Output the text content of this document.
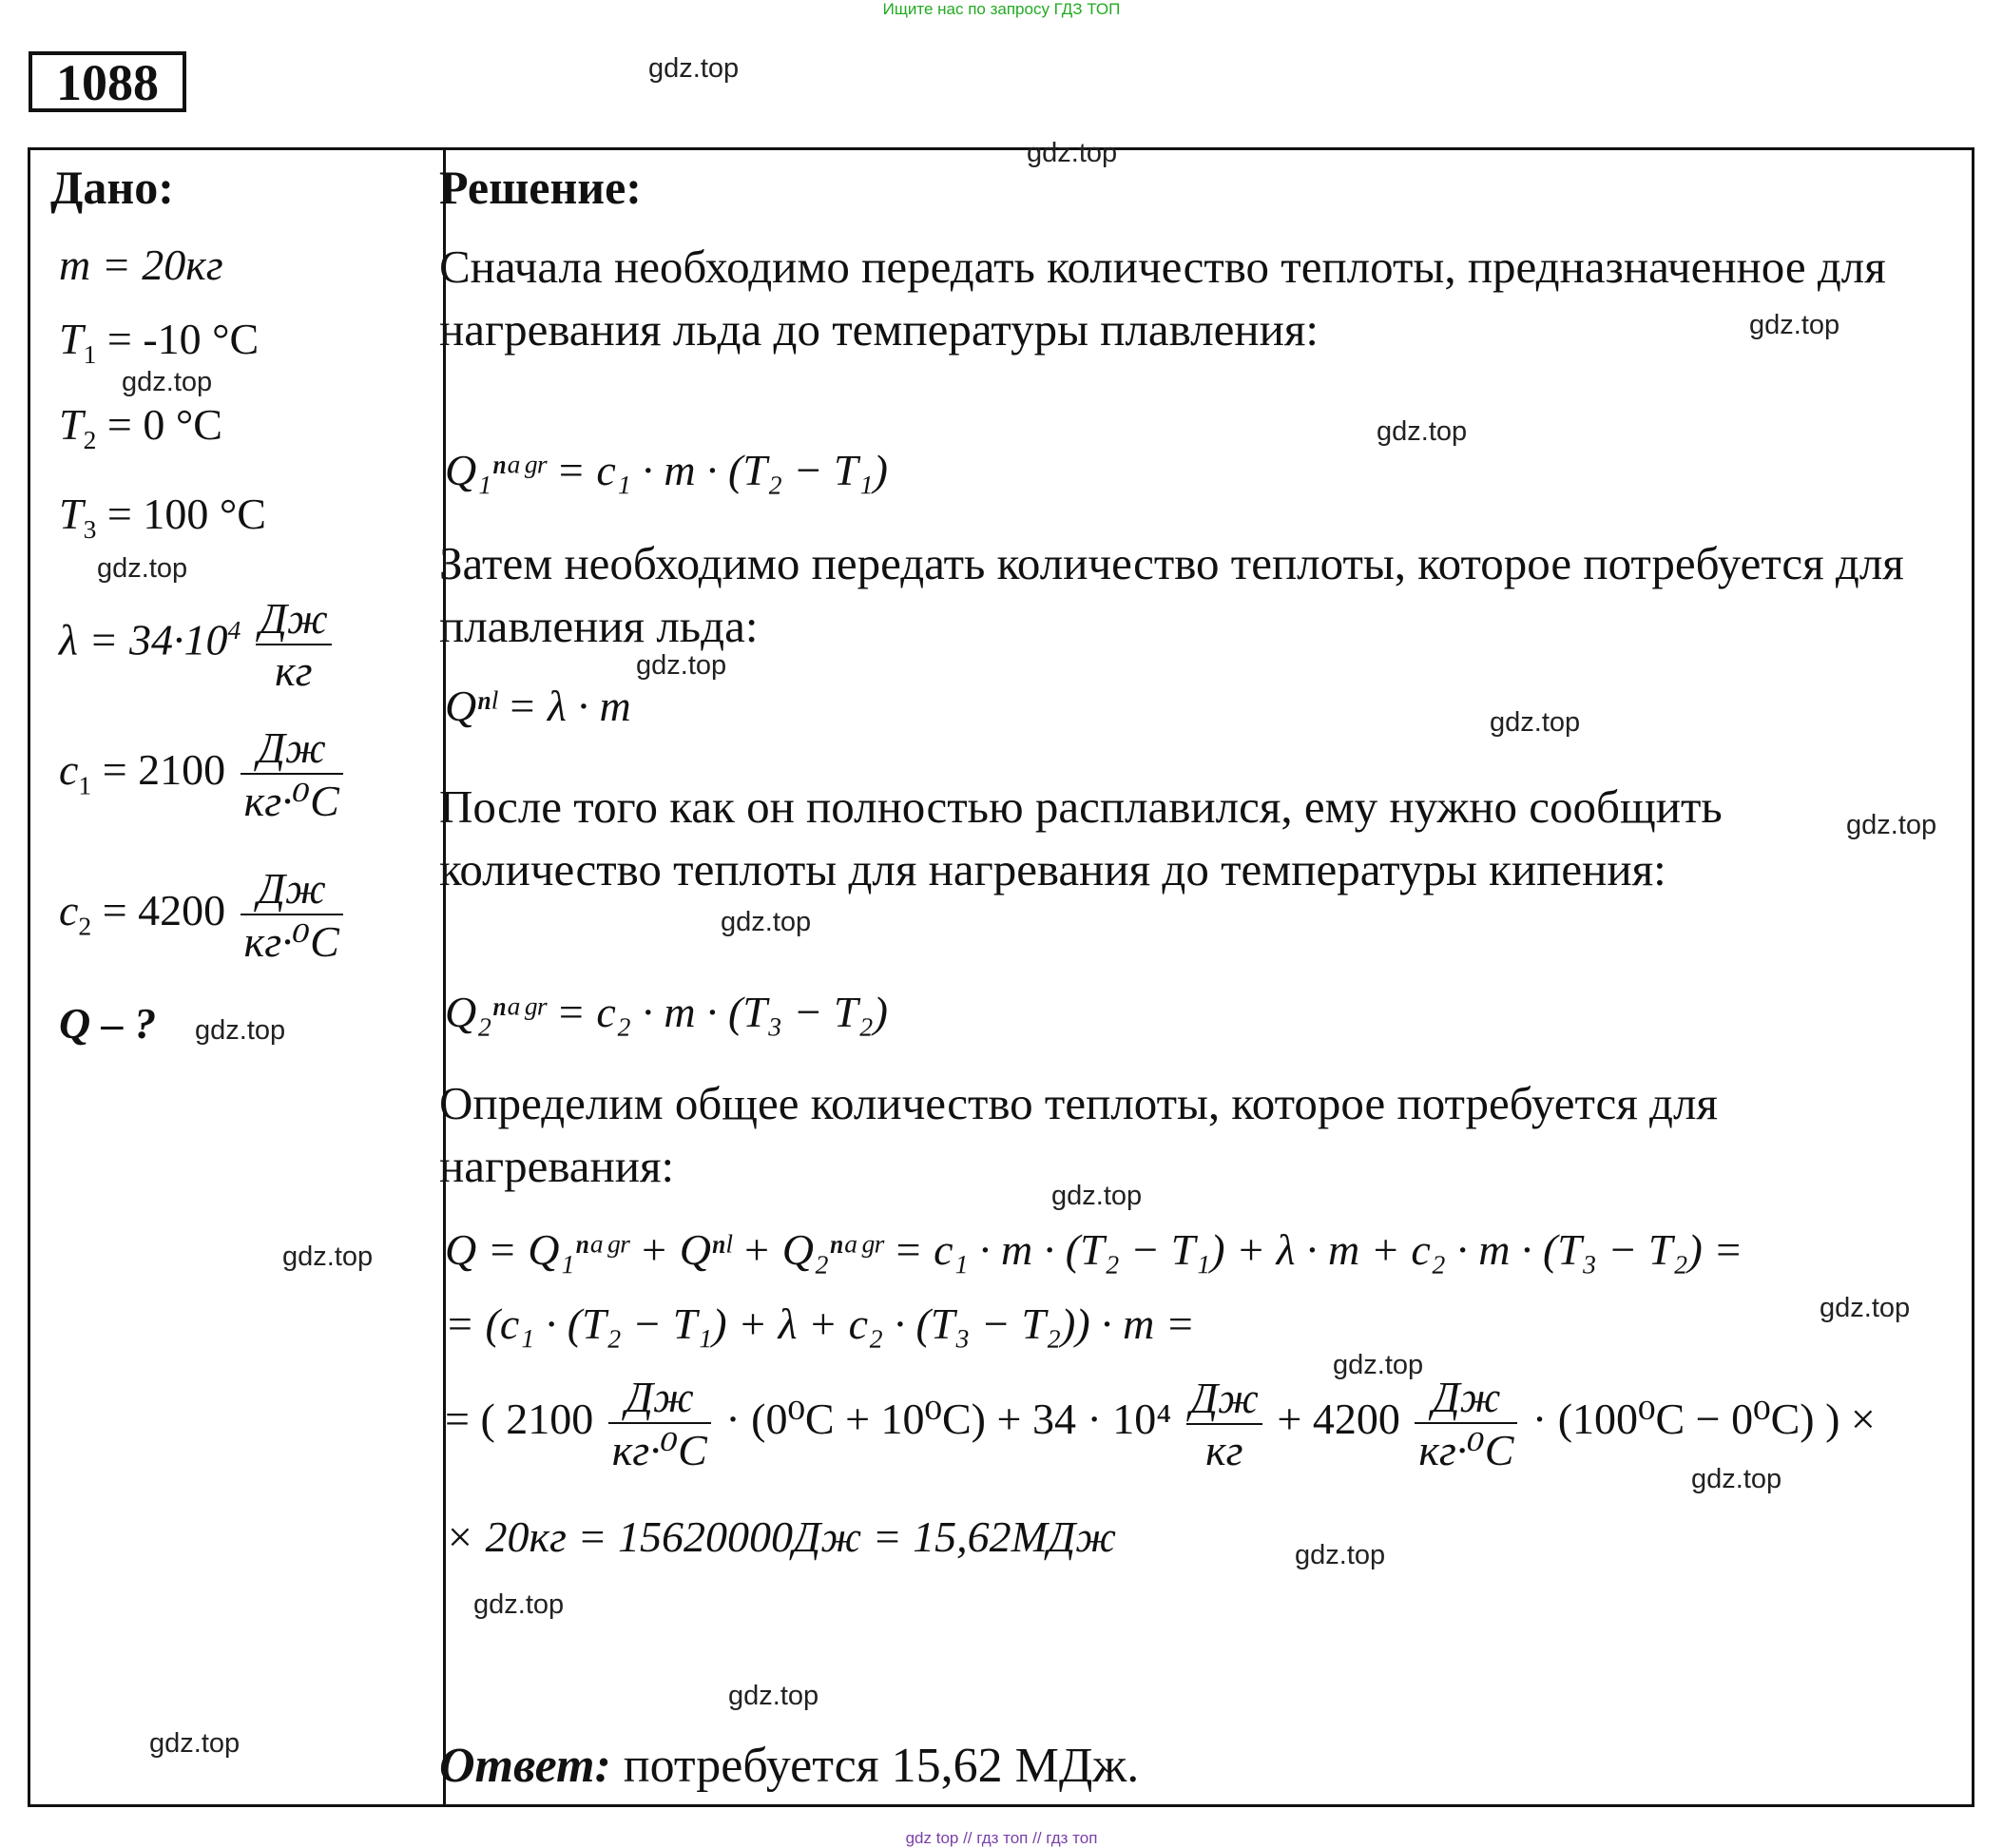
Ищите нас по запросу ГДЗ ТОП
1088	gdz.top
Дано:
m = 20кг
$T_1 = -10$ °C
$T_2 = 0$ °C
$T_3 = 100$ °C
$\lambda = 34\cdot 10^4 \frac{Дж}{кг}$
$c_1 = 2100 \frac{Дж}{\text{кг·⁰C}}$
$c_2 = 4200 \frac{Дж}{\text{кг·⁰C}}$
Q – ?
Решение:
Сначала необходимо передать количество теплоты, предназначенное для нагревания льда до температуры плавления:
Q₁ⁿᵃᵍʳ = c₁ · m · (T₂ − T₁)
Затем необходимо передать количество теплоты, которое потребуется для плавления льда:
Qⁿˡ = λ · m
После того как он полностью расплавился, ему нужно сообщить количество теплоты для нагревания до температуры кипения:
Q₂ⁿᵃᵍʳ = c₂ · m · (T₃ − T₂)
Определим общее количество теплоты, которое потребуется для нагревания:
Q = Q₁ⁿᵃᵍʳ + Qⁿˡ + Q₂ⁿᵃᵍʳ = c₁ · m · (T₂ − T₁) + λ · m + c₂ · m · (T₃ − T₂) =
= (c₁ · (T₂ − T₁) + λ + c₂ · (T₃ − T₂)) · m =
= ( $2100 \frac{Дж}{\text{кг·⁰C}} \cdot (0^0C + 10^0C) + 34 \cdot 10^4 \frac{Дж}{кг} + 4200 \frac{Дж}{\text{кг·⁰C}} \cdot (100^0C - 0^0C)$ ) ×
× 20кг = 15620000Дж = 15,62МДж
Ответ: потребуется 15,62 МДж.
gdz.top
gdz.top
gdz.top
gdz.top
gdz.top
gdz.top
gdz.top
gdz.top
gdz.top
gdz.top
gdz.top
gdz.top
gdz.top
gdz.top
gdz.top
gdz.top
gdz.top
gdz.top
gdz.top
gdz top // гдз топ // гдз топ
